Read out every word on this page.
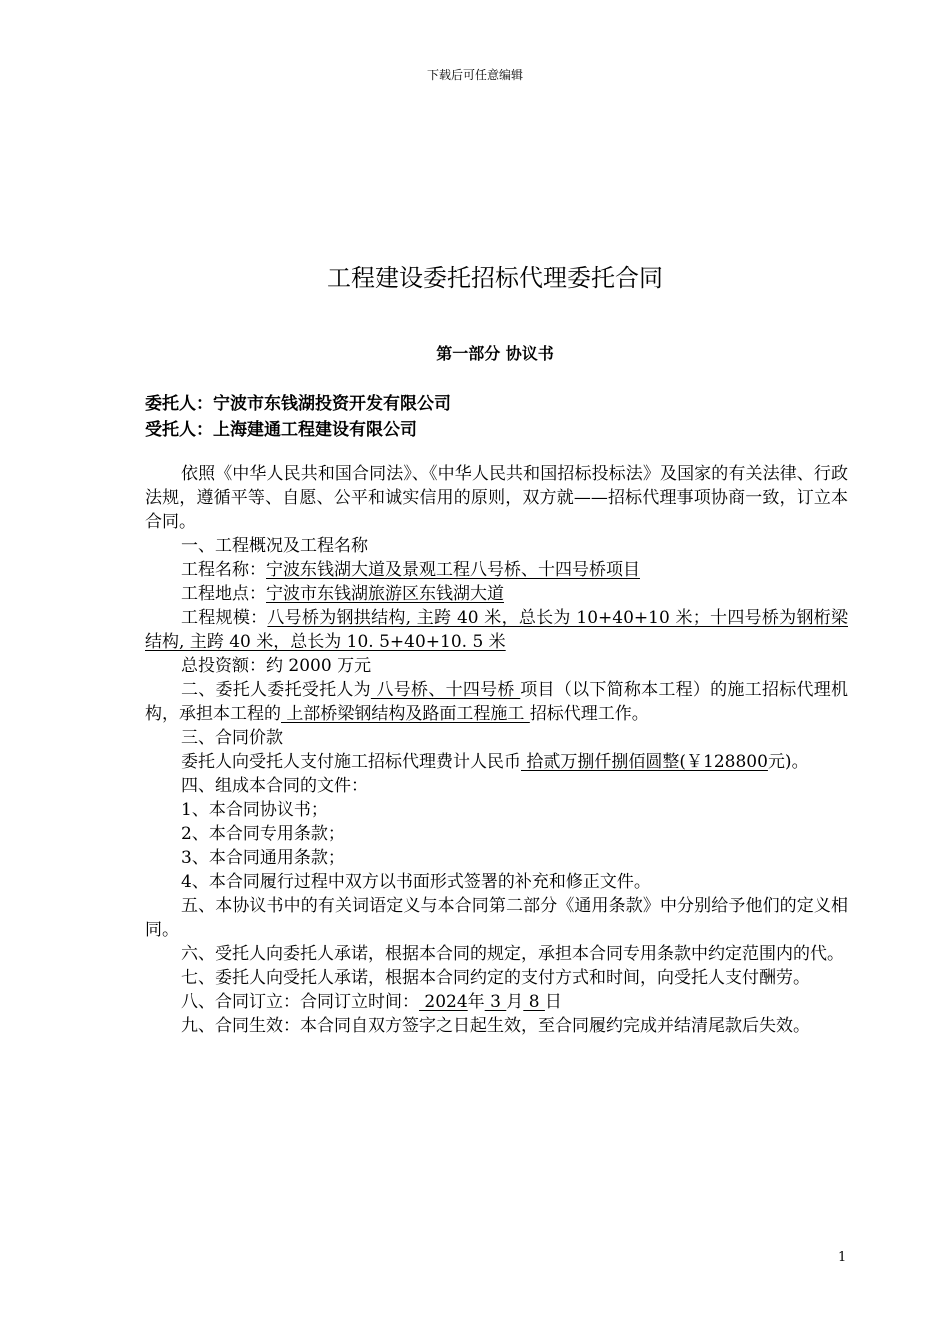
下载后可任意编辑
工程建设委托招标代理委托合同
第一部分 协议书
委托人：宁波市东钱湖投资开发有限公司
受托人：上海建通工程建设有限公司

依照《中华人民共和国合同法》、《中华人民共和国招标投标法》及国家的有关法律、行政法规，遵循平等、自愿、公平和诚实信用的原则，双方就——招标代理事项协商一致，订立本合同。

一、工程概况及工程名称

工程名称：宁波东钱湖大道及景观工程八号桥、十四号桥项目

工程地点：宁波市东钱湖旅游区东钱湖大道

工程规模：八号桥为钢拱结构, 主跨 40 米，总长为 10+40+10 米；十四号桥为钢桁梁结构, 主跨 40 米，总长为 10. 5+40+10. 5 米

总投资额：约 2000 万元

二、委托人委托受托人为 八号桥、十四号桥 项目（以下简称本工程）的施工招标代理机构，承担本工程的 上部桥梁钢结构及路面工程施工 招标代理工作。

三、合同价款

委托人向受托人支付施工招标代理费计人民币 拾贰万捌仟捌佰圆整(￥128800元)。

四、组成本合同的文件：

1、本合同协议书；

2、本合同专用条款；

3、本合同通用条款；

4、本合同履行过程中双方以书面形式签署的补充和修正文件。

五、本协议书中的有关词语定义与本合同第二部分《通用条款》中分别给予他们的定义相同。

六、受托人向委托人承诺，根据本合同的规定，承担本合同专用条款中约定范围内的代。

七、委托人向受托人承诺，根据本合同约定的支付方式和时间，向受托人支付酬劳。

八、合同订立：合同订立时间： 2024年 3 月 8 日

九、合同生效：本合同自双方签字之日起生效，至合同履约完成并结清尾款后失效。

1
